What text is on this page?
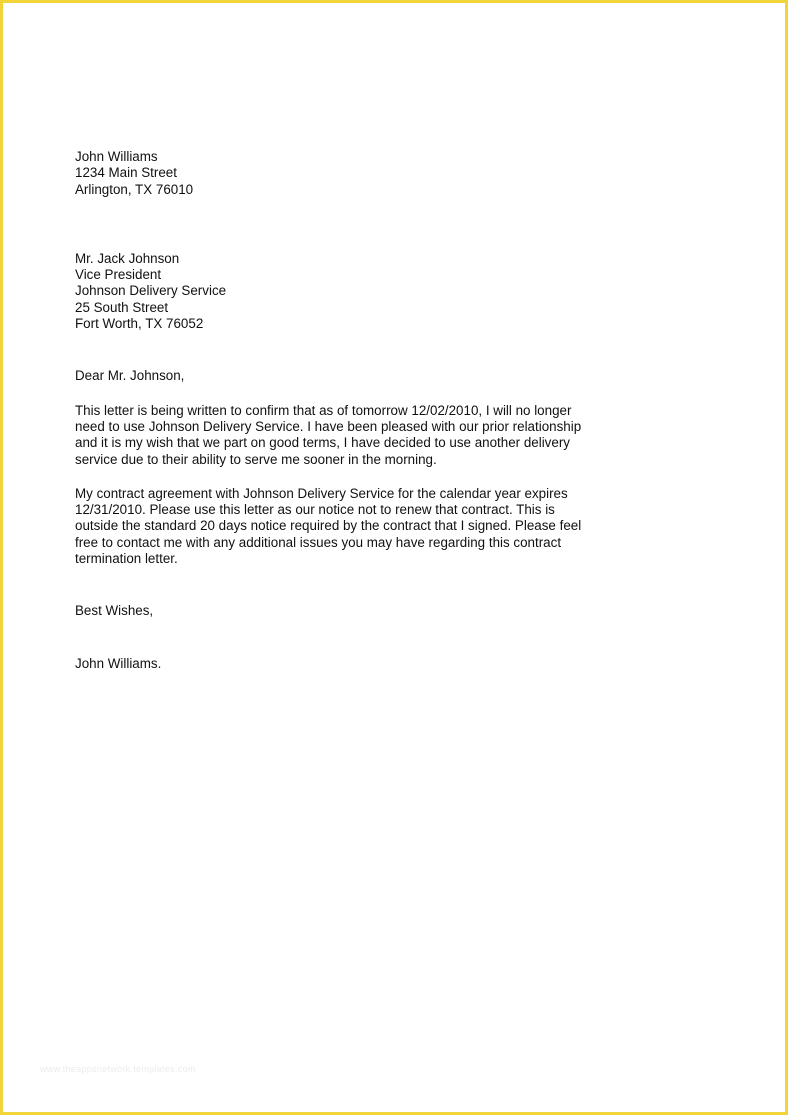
John Williams
1234 Main Street
Arlington, TX 76010
Mr. Jack Johnson
Vice President
Johnson Delivery Service
25 South Street
Fort Worth, TX 76052
Dear Mr. Johnson,
This letter is being written to confirm that as of tomorrow 12/02/2010, I will no longer
need to use Johnson Delivery Service. I have been pleased with our prior relationship
and it is my wish that we part on good terms, I have decided to use another delivery
service due to their ability to serve me sooner in the morning.
My contract agreement with Johnson Delivery Service for the calendar year expires
12/31/2010. Please use this letter as our notice not to renew that contract. This is
outside the standard 20 days notice required by the contract that I signed. Please feel
free to contact me with any additional issues you may have regarding this contract
termination letter.
Best Wishes,
John Williams.
www.theappsnetwork.templates.com
